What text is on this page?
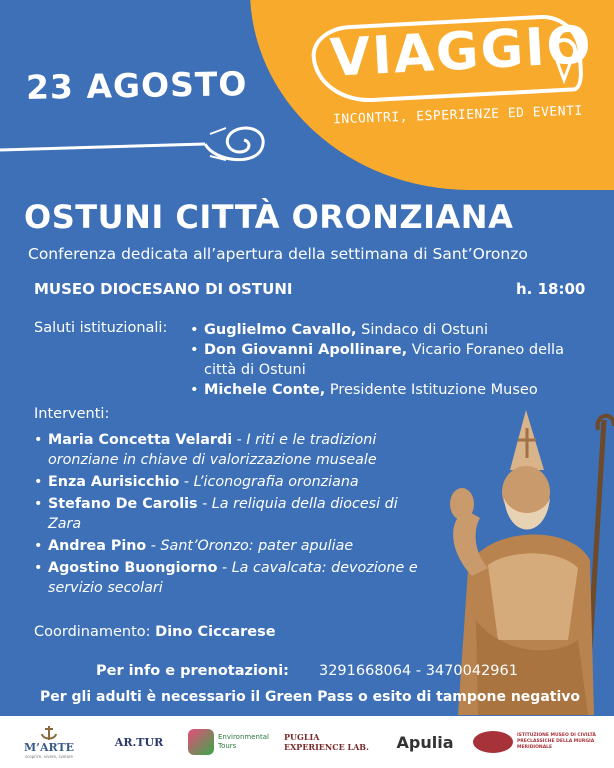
VIAGGIO
INCONTRI, ESPERIENZE ED EVENTI
23 AGOSTO
OSTUNI CITTÀ ORONZIANA
Conferenza dedicata all’apertura della settimana di Sant’Oronzo
MUSEO DIOCESANO DI OSTUNI	h. 18:00
Saluti istituzionali:
•	Guglielmo Cavallo, Sindaco di Ostuni
• Don Giovanni Apollinare, Vicario Foraneo della città di Ostuni
• Michele Conte, Presidente Istituzione Museo
Interventi:
• Maria Concetta Velardi - I riti e le tradizioni oronziane in chiave di valorizzazione museale
• Enza Aurisicchio - L’iconografia oronziana
• Stefano De Carolis - La reliquia della diocesi di Zara
• Andrea Pino - Sant’Oronzo: pater apuliae
• Agostino Buongiorno - La cavalcata: devozione e servizio secolari
Coordinamento: Dino Ciccarese
Per info e prenotazioni: 3291668064 - 3470042961
Per gli adulti è necessario il Green Pass o esito di tampone negativo
M’ARTE
scoprire, vivere, svelare
AR.TUR	Environmental Tours
PUGLIA EXPERIENCE LAB.	Apulia	ISTITUZIONE MUSEO DI CIVILTÀ PRECLASSICHE DELLA MURGIA MERIDIONALE
